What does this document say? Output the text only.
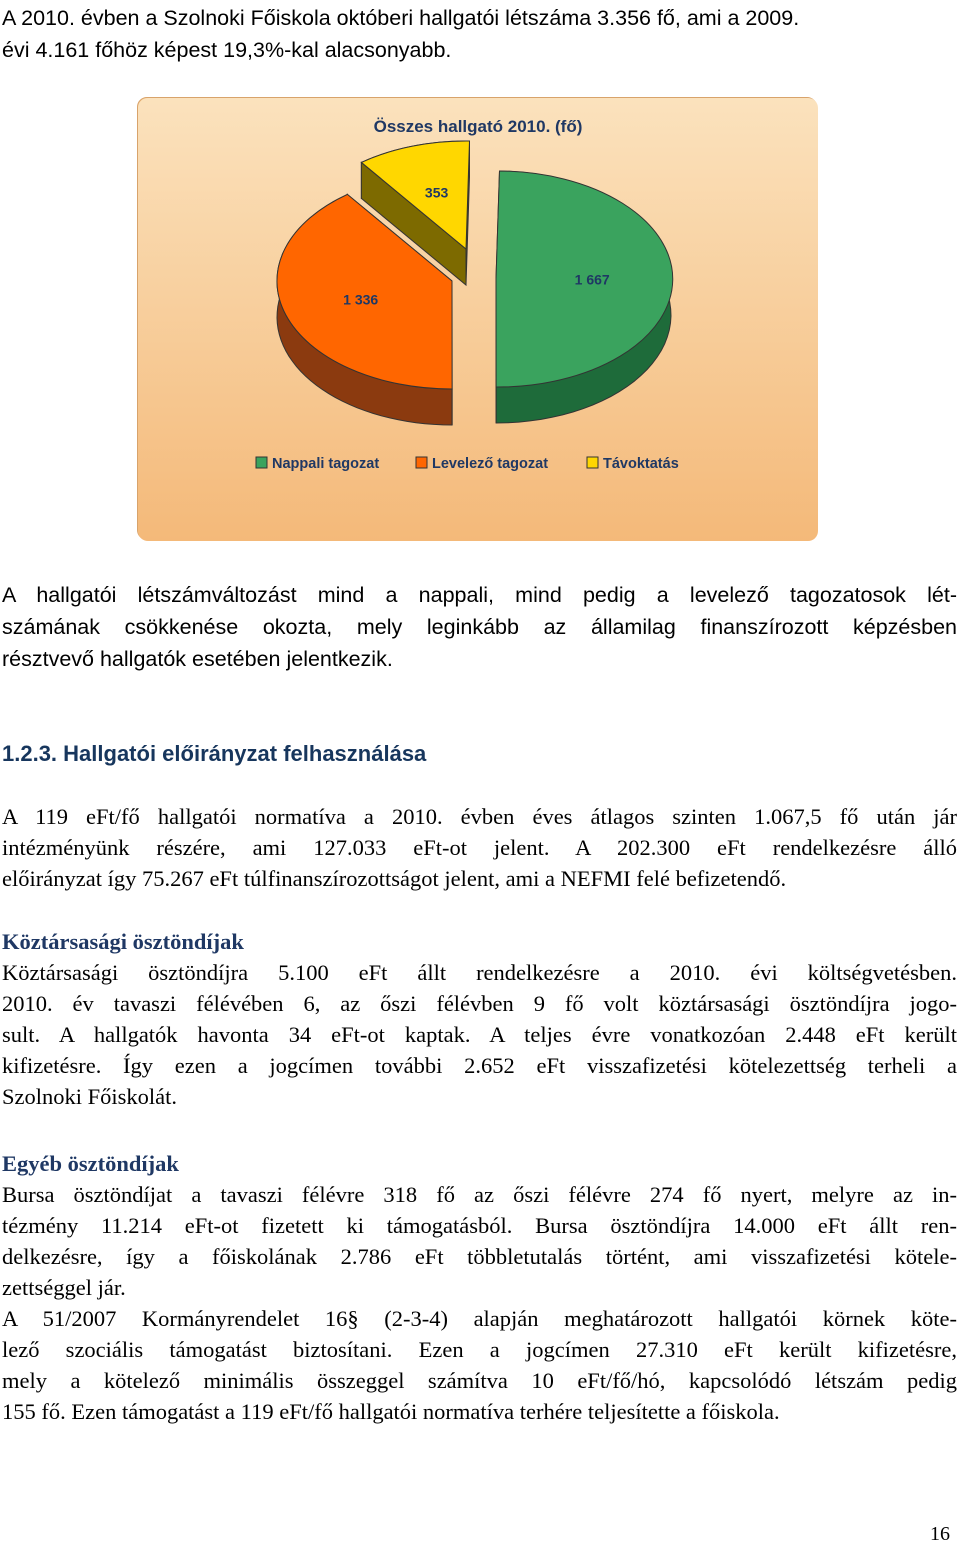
A 2010. évben a Szolnoki Főiskola októberi hallgatói létszáma 3.356 fő, ami a 2009.
évi 4.161 főhöz képest 19,3%-kal alacsonyabb.
Összes hallgató 2010. (fő)
353
1 336
1 667
Nappali tagozat	Levelező tagozat	Távoktatás
A hallgatói létszámváltozást mind a nappali, mind pedig a levelező tagozatosok lét-
számának csökkenése okozta, mely leginkább az államilag finanszírozott képzésben
résztvevő hallgatók esetében jelentkezik.
1.2.3. Hallgatói előirányzat felhasználása
A 119 eFt/fő hallgatói normatíva a 2010. évben éves átlagos szinten 1.067,5 fő után jár
intézményünk részére, ami 127.033 eFt-ot jelent. A 202.300 eFt rendelkezésre álló
előirányzat így 75.267 eFt túlfinanszírozottságot jelent, ami a NEFMI felé befizetendő.
Köztársasági ösztöndíjak
Köztársasági ösztöndíjra 5.100 eFt állt rendelkezésre a 2010. évi költségvetésben.
2010. év tavaszi félévében 6, az őszi félévben 9 fő volt köztársasági ösztöndíjra jogo-
sult. A hallgatók havonta 34 eFt-ot kaptak. A teljes évre vonatkozóan 2.448 eFt került
kifizetésre. Így ezen a jogcímen további 2.652 eFt visszafizetési kötelezettség terheli a
Szolnoki Főiskolát.
Egyéb ösztöndíjak
Bursa ösztöndíjat a tavaszi félévre 318 fő az őszi félévre 274 fő nyert, melyre az in-
tézmény 11.214 eFt-ot fizetett ki támogatásból. Bursa ösztöndíjra 14.000 eFt állt ren-
delkezésre, így a főiskolának 2.786 eFt többletutalás történt, ami visszafizetési kötele-
zettséggel jár.
A 51/2007 Kormányrendelet 16§ (2-3-4) alapján meghatározott hallgatói körnek köte-
lező szociális támogatást biztosítani. Ezen a jogcímen 27.310 eFt került kifizetésre,
mely a kötelező minimális összeggel számítva 10 eFt/fő/hó, kapcsolódó létszám pedig
155 fő. Ezen támogatást a 119 eFt/fő hallgatói normatíva terhére teljesítette a főiskola.
16
